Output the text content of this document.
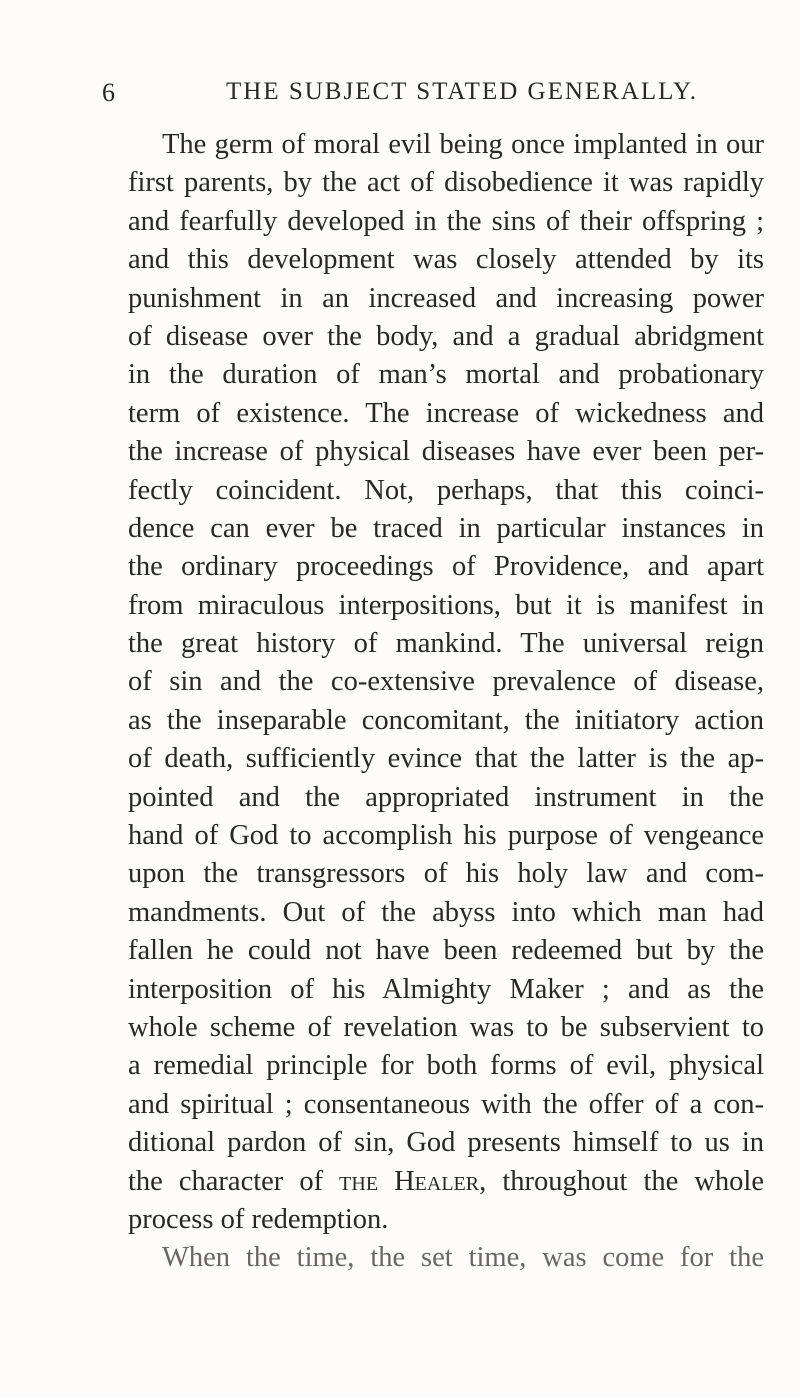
6	THE SUBJECT STATED GENERALLY.
The germ of moral evil being once implanted in our
first parents, by the act of disobedience it was rapidly
and fearfully developed in the sins of their offspring ;
and this development was closely attended by its
punishment in an increased and increasing power
of disease over the body, and a gradual abridgment
in the duration of man’s mortal and probationary
term of existence. The increase of wickedness and
the increase of physical diseases have ever been per-
fectly coincident. Not, perhaps, that this coinci-
dence can ever be traced in particular instances in
the ordinary proceedings of Providence, and apart
from miraculous interpositions, but it is manifest in
the great history of mankind. The universal reign
of sin and the co-extensive prevalence of disease,
as the inseparable concomitant, the initiatory action
of death, sufficiently evince that the latter is the ap-
pointed and the appropriated instrument in the
hand of God to accomplish his purpose of vengeance
upon the transgressors of his holy law and com-
mandments. Out of the abyss into which man had
fallen he could not have been redeemed but by the
interposition of his Almighty Maker ; and as the
whole scheme of revelation was to be subservient to
a remedial principle for both forms of evil, physical
and spiritual ; consentaneous with the offer of a con-
ditional pardon of sin, God presents himself to us in
the character of the Healer, throughout the whole
process of redemption.
When the time, the set time, was come for the
